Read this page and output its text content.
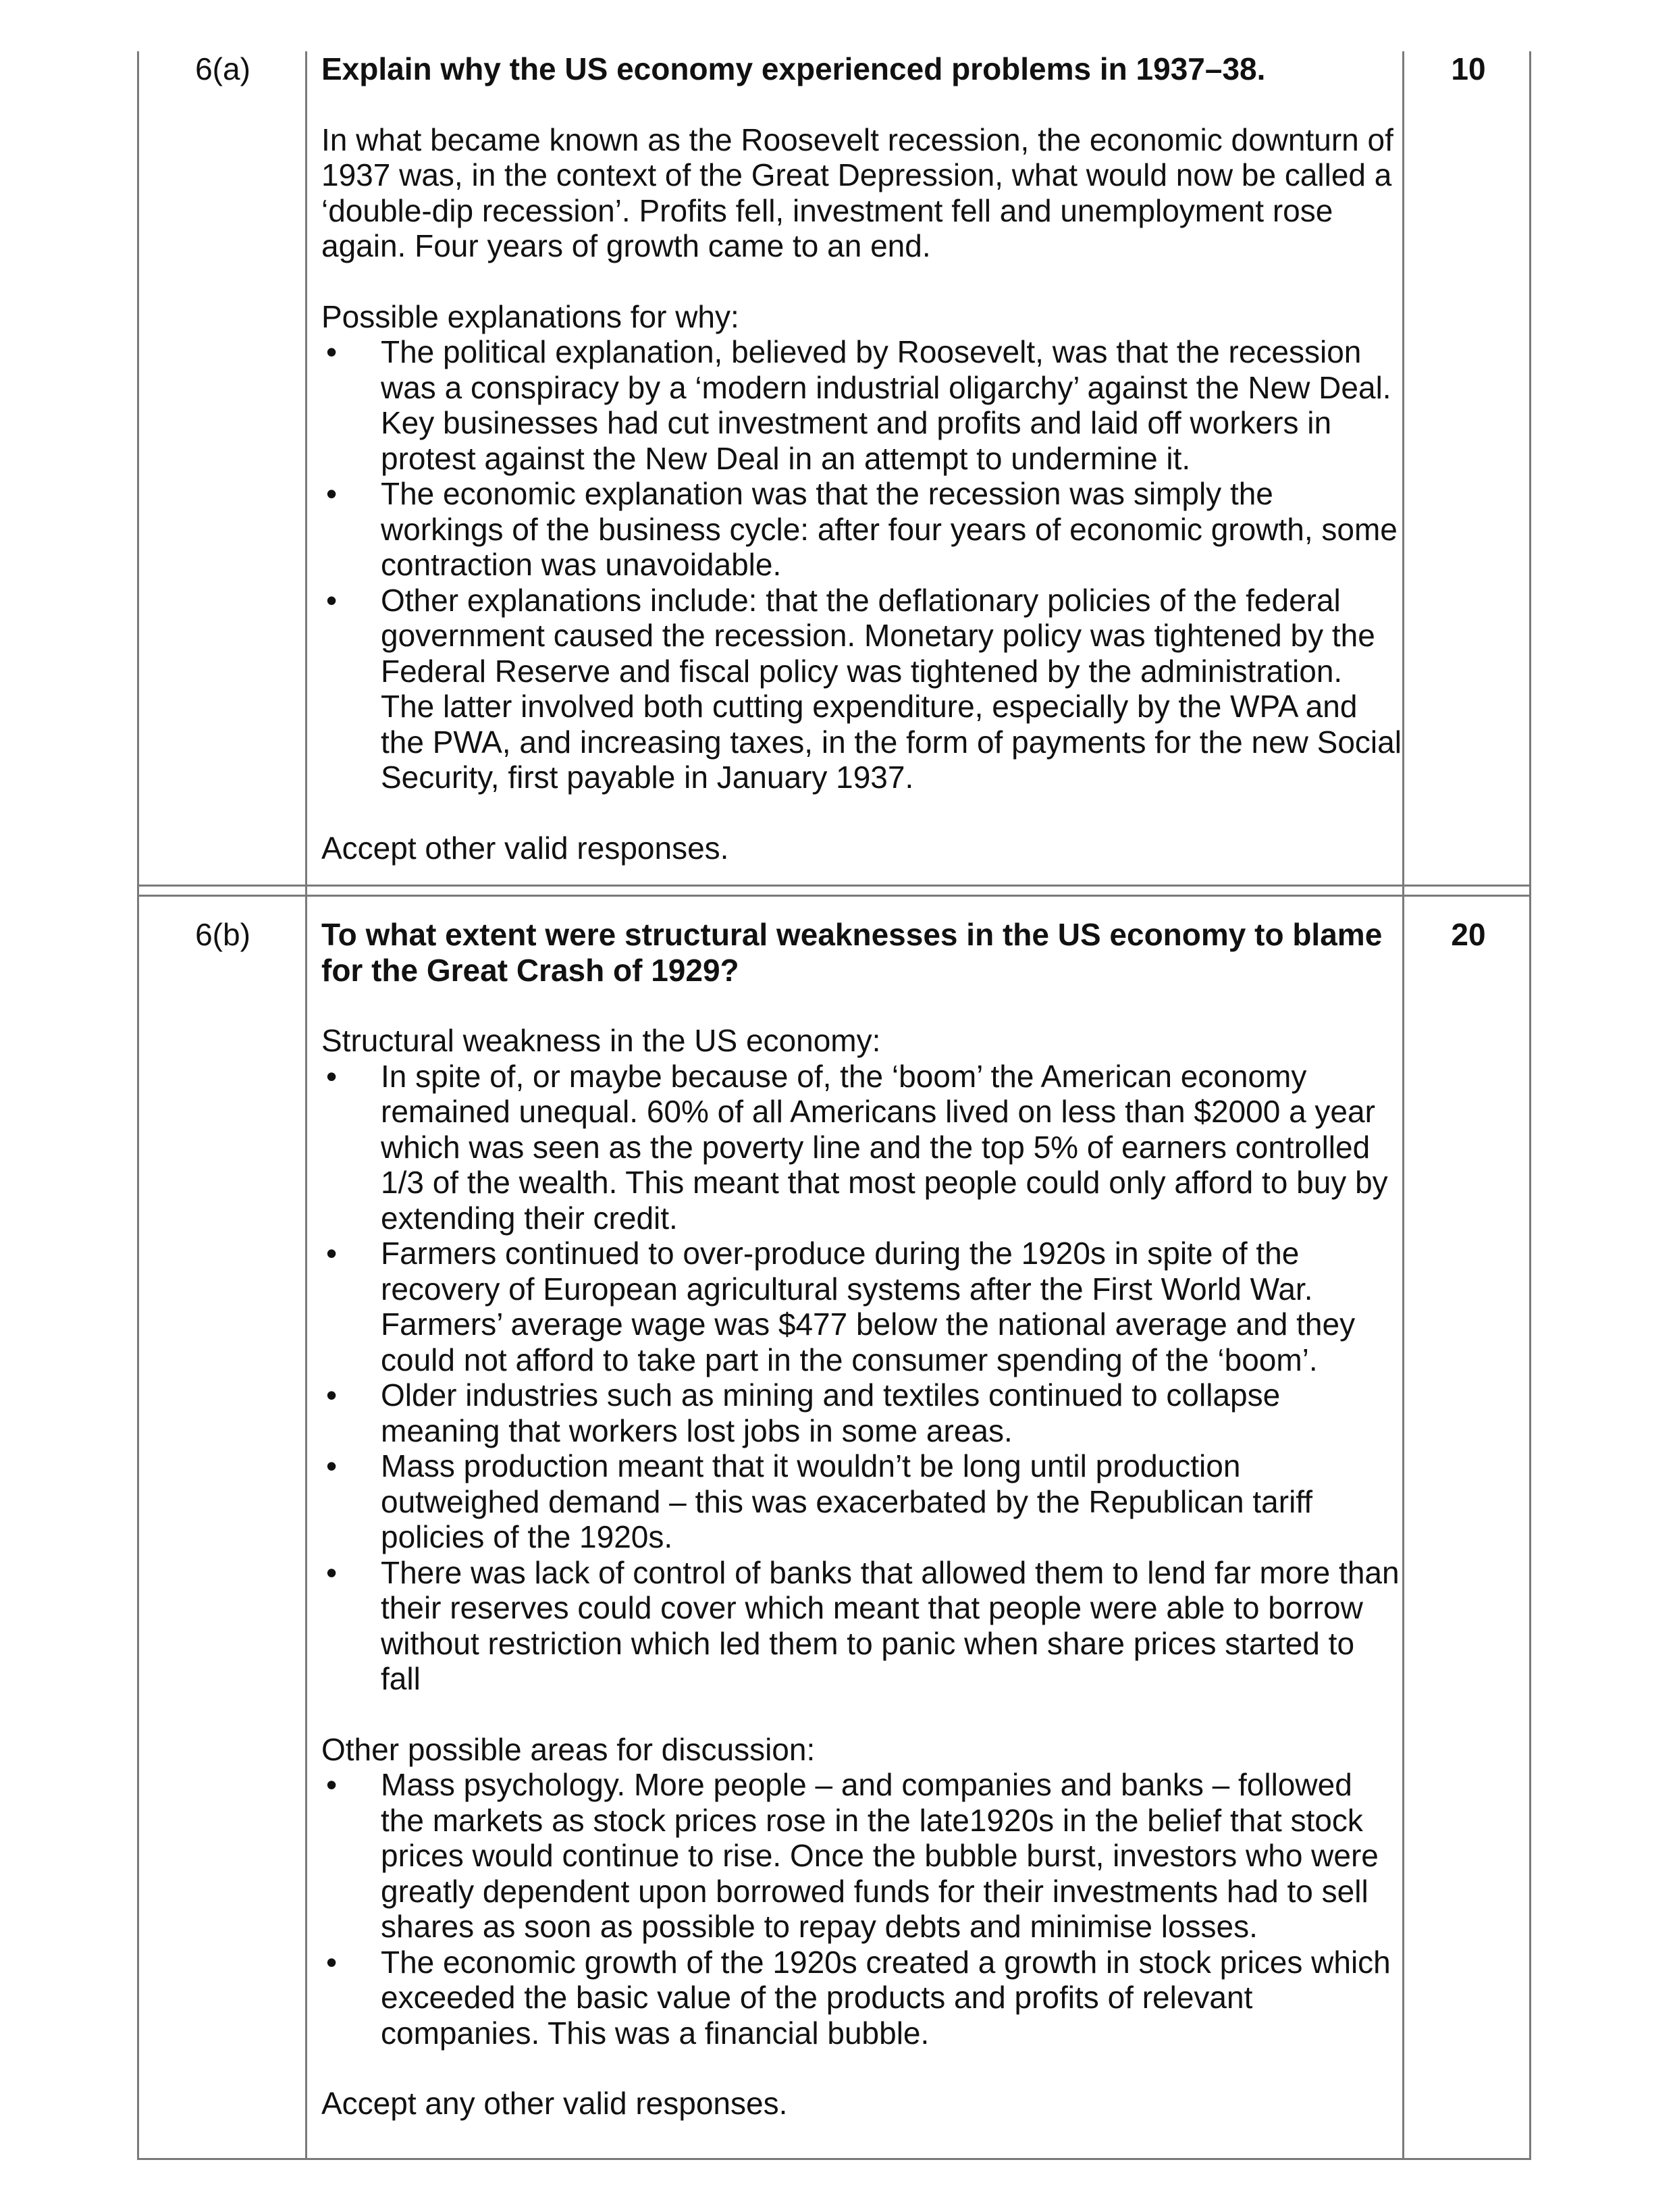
6(a)	10

Explain why the US economy experienced problems in 1937–38.

In what became known as the Roosevelt recession, the economic downturn of 1937 was, in the context of the Great Depression, what would now be called a ‘double-dip recession’. Profits fell, investment fell and unemployment rose again. Four years of growth came to an end.

Possible explanations for why:

• The political explanation, believed by Roosevelt, was that the recession was a conspiracy by a ‘modern industrial oligarchy’ against the New Deal. Key businesses had cut investment and profits and laid off workers in protest against the New Deal in an attempt to undermine it.
• The economic explanation was that the recession was simply the workings of the business cycle: after four years of economic growth, some contraction was unavoidable.
• Other explanations include: that the deflationary policies of the federal government caused the recession. Monetary policy was tightened by the Federal Reserve and fiscal policy was tightened by the administration. The latter involved both cutting expenditure, especially by the WPA and the PWA, and increasing taxes, in the form of payments for the new Social Security, first payable in January 1937.

Accept other valid responses.

6(b)	20

To what extent were structural weaknesses in the US economy to blame for the Great Crash of 1929?

Structural weakness in the US economy:

• In spite of, or maybe because of, the ‘boom’ the American economy remained unequal. 60% of all Americans lived on less than $2000 a year which was seen as the poverty line and the top 5% of earners controlled 1/3 of the wealth. This meant that most people could only afford to buy by extending their credit.
• Farmers continued to over-produce during the 1920s in spite of the recovery of European agricultural systems after the First World War. Farmers’ average wage was $477 below the national average and they could not afford to take part in the consumer spending of the ‘boom’.
• Older industries such as mining and textiles continued to collapse meaning that workers lost jobs in some areas.
• Mass production meant that it wouldn’t be long until production outweighed demand – this was exacerbated by the Republican tariff policies of the 1920s.
• There was lack of control of banks that allowed them to lend far more than their reserves could cover which meant that people were able to borrow without restriction which led them to panic when share prices started to fall

Other possible areas for discussion:

• Mass psychology. More people – and companies and banks – followed the markets as stock prices rose in the late1920s in the belief that stock prices would continue to rise. Once the bubble burst, investors who were greatly dependent upon borrowed funds for their investments had to sell shares as soon as possible to repay debts and minimise losses.
• The economic growth of the 1920s created a growth in stock prices which exceeded the basic value of the products and profits of relevant companies. This was a financial bubble.

Accept any other valid responses.
